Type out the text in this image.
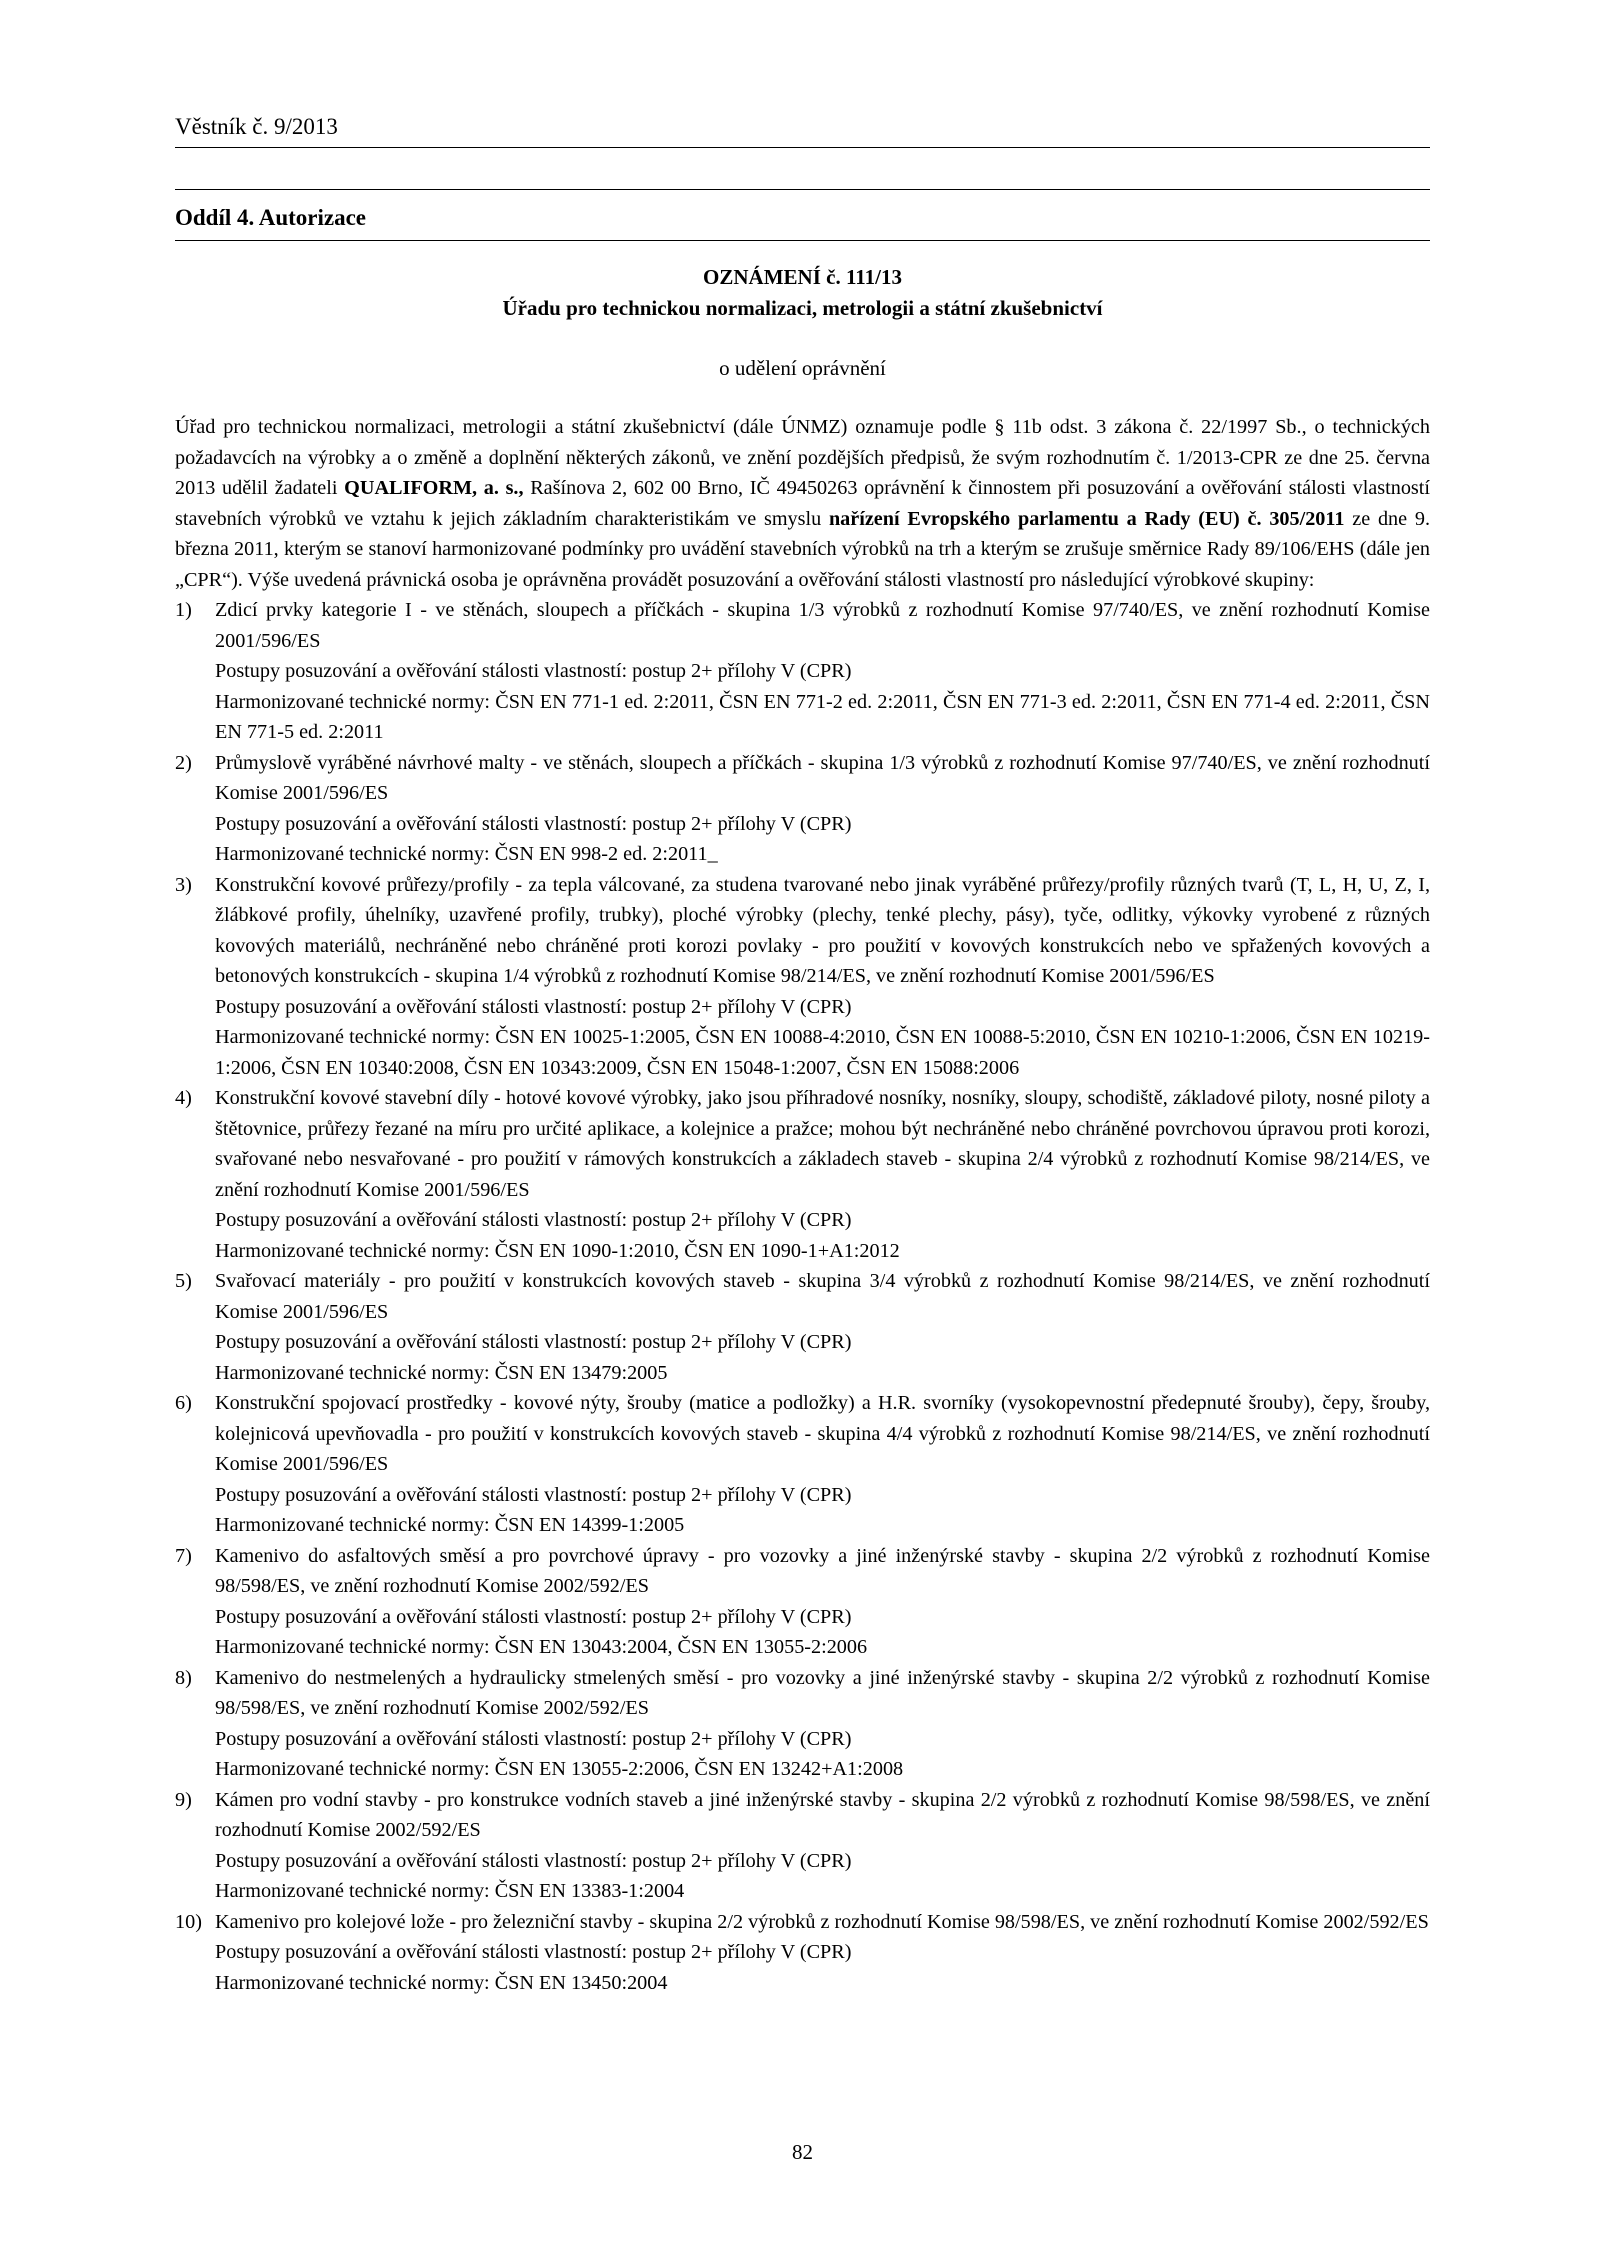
Věstník č. 9/2013
Oddíl 4. Autorizace
OZNÁMENÍ č. 111/13
Úřadu pro technickou normalizaci, metrologii a státní zkušebnictví
o udělení oprávnění

Úřad pro technickou normalizaci, metrologii a státní zkušebnictví (dále ÚNMZ) oznamuje podle § 11b odst. 3 zákona č. 22/1997 Sb., o technických požadavcích na výrobky a o změně a doplnění některých zákonů, ve znění pozdějších předpisů, že svým rozhodnutím č. 1/2013-CPR ze dne 25. června 2013 udělil žadateli QUALIFORM, a. s., Rašínova 2, 602 00 Brno, IČ 49450263 oprávnění k činnostem při posuzování a ověřování stálosti vlastností stavebních výrobků ve vztahu k jejich základním charakteristikám ve smyslu nařízení Evropského parlamentu a Rady (EU) č. 305/2011 ze dne 9. března 2011, kterým se stanoví harmonizované podmínky pro uvádění stavebních výrobků na trh a kterým se zrušuje směrnice Rady 89/106/EHS (dále jen „CPR“). Výše uvedená právnická osoba je oprávněna provádět posuzování a ověřování stálosti vlastností pro následující výrobkové skupiny:

1) Zdicí prvky kategorie I - ve stěnách, sloupech a příčkách - skupina 1/3 výrobků z rozhodnutí Komise 97/740/ES, ve znění rozhodnutí Komise 2001/596/ES
Postupy posuzování a ověřování stálosti vlastností: postup 2+ přílohy V (CPR)
Harmonizované technické normy: ČSN EN 771-1 ed. 2:2011, ČSN EN 771-2 ed. 2:2011, ČSN EN 771-3 ed. 2:2011, ČSN EN 771-4 ed. 2:2011, ČSN EN 771-5 ed. 2:2011
2) Průmyslově vyráběné návrhové malty - ve stěnách, sloupech a příčkách - skupina 1/3 výrobků z rozhodnutí Komise 97/740/ES, ve znění rozhodnutí Komise 2001/596/ES
Postupy posuzování a ověřování stálosti vlastností: postup 2+ přílohy V (CPR)
Harmonizované technické normy: ČSN EN 998-2 ed. 2:2011_
3) Konstrukční kovové průřezy/profily - za tepla válcované, za studena tvarované nebo jinak vyráběné průřezy/profily různých tvarů (T, L, H, U, Z, I, žlábkové profily, úhelníky, uzavřené profily, trubky), ploché výrobky (plechy, tenké plechy, pásy), tyče, odlitky, výkovky vyrobené z různých kovových materiálů, nechráněné nebo chráněné proti korozi povlaky - pro použití v kovových konstrukcích nebo ve spřažených kovových a betonových konstrukcích - skupina 1/4 výrobků z rozhodnutí Komise 98/214/ES, ve znění rozhodnutí Komise 2001/596/ES
Postupy posuzování a ověřování stálosti vlastností: postup 2+ přílohy V (CPR)
Harmonizované technické normy: ČSN EN 10025-1:2005, ČSN EN 10088-4:2010, ČSN EN 10088-5:2010, ČSN EN 10210-1:2006, ČSN EN 10219-1:2006, ČSN EN 10340:2008, ČSN EN 10343:2009, ČSN EN 15048-1:2007, ČSN EN 15088:2006
4) Konstrukční kovové stavební díly - hotové kovové výrobky, jako jsou příhradové nosníky, nosníky, sloupy, schodiště, základové piloty, nosné piloty a štětovnice, průřezy řezané na míru pro určité aplikace, a kolejnice a pražce; mohou být nechráněné nebo chráněné povrchovou úpravou proti korozi, svařované nebo nesvařované - pro použití v rámových konstrukcích a základech staveb - skupina 2/4 výrobků z rozhodnutí Komise 98/214/ES, ve znění rozhodnutí Komise 2001/596/ES
Postupy posuzování a ověřování stálosti vlastností: postup 2+ přílohy V (CPR)
Harmonizované technické normy: ČSN EN 1090-1:2010, ČSN EN 1090-1+A1:2012
5) Svařovací materiály - pro použití v konstrukcích kovových staveb - skupina 3/4 výrobků z rozhodnutí Komise 98/214/ES, ve znění rozhodnutí Komise 2001/596/ES
Postupy posuzování a ověřování stálosti vlastností: postup 2+ přílohy V (CPR)
Harmonizované technické normy: ČSN EN 13479:2005
6) Konstrukční spojovací prostředky - kovové nýty, šrouby (matice a podložky) a H.R. svorníky (vysokopevnostní předepnuté šrouby), čepy, šrouby, kolejnicová upevňovadla - pro použití v konstrukcích kovových staveb - skupina 4/4 výrobků z rozhodnutí Komise 98/214/ES, ve znění rozhodnutí Komise 2001/596/ES
Postupy posuzování a ověřování stálosti vlastností: postup 2+ přílohy V (CPR)
Harmonizované technické normy: ČSN EN 14399-1:2005
7) Kamenivo do asfaltových směsí a pro povrchové úpravy - pro vozovky a jiné inženýrské stavby - skupina 2/2 výrobků z rozhodnutí Komise 98/598/ES, ve znění rozhodnutí Komise 2002/592/ES
Postupy posuzování a ověřování stálosti vlastností: postup 2+ přílohy V (CPR)
Harmonizované technické normy: ČSN EN 13043:2004, ČSN EN 13055-2:2006
8) Kamenivo do nestmelených a hydraulicky stmelených směsí - pro vozovky a jiné inženýrské stavby - skupina 2/2 výrobků z rozhodnutí Komise 98/598/ES, ve znění rozhodnutí Komise 2002/592/ES
Postupy posuzování a ověřování stálosti vlastností: postup 2+ přílohy V (CPR)
Harmonizované technické normy: ČSN EN 13055-2:2006, ČSN EN 13242+A1:2008
9) Kámen pro vodní stavby - pro konstrukce vodních staveb a jiné inženýrské stavby - skupina 2/2 výrobků z rozhodnutí Komise 98/598/ES, ve znění rozhodnutí Komise 2002/592/ES
Postupy posuzování a ověřování stálosti vlastností: postup 2+ přílohy V (CPR)
Harmonizované technické normy: ČSN EN 13383-1:2004
10) Kamenivo pro kolejové lože - pro železniční stavby - skupina 2/2 výrobků z rozhodnutí Komise 98/598/ES, ve znění rozhodnutí Komise 2002/592/ES
Postupy posuzování a ověřování stálosti vlastností: postup 2+ přílohy V (CPR)
Harmonizované technické normy: ČSN EN 13450:2004
82
